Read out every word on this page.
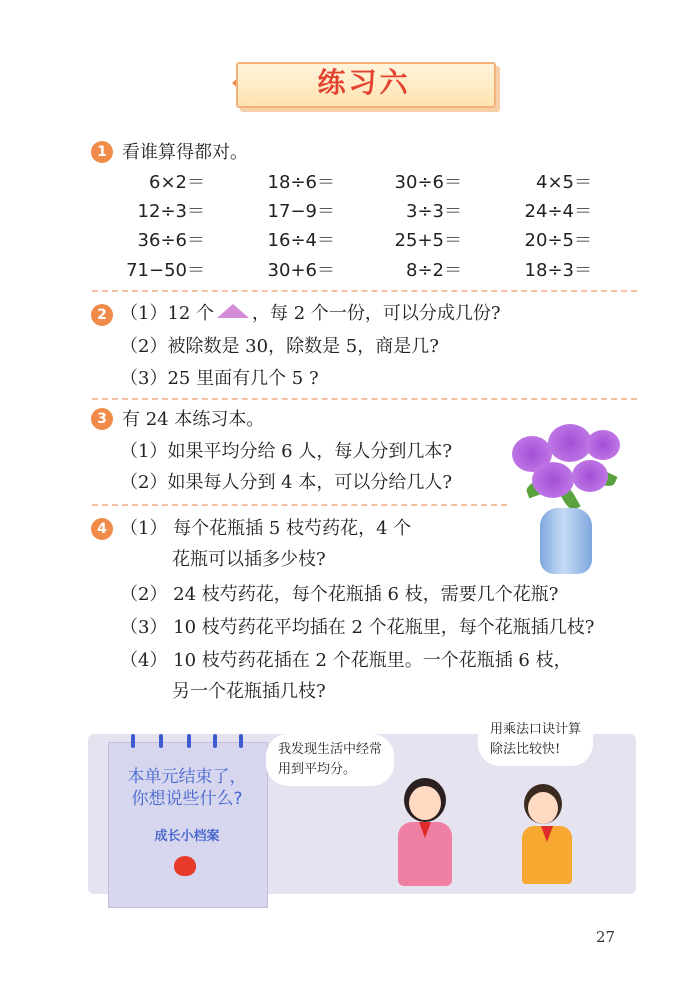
练习六
1 看谁算得都对。
6×2＝	18÷6＝	30÷6＝	4×5＝
12÷3＝	17−9＝	3÷3＝	24÷4＝
36÷6＝	16÷4＝	25+5＝	20÷5＝
71−50＝	30+6＝	8÷2＝	18÷3＝
2 （1）12 个 ，每 2 个一份，可以分成几份?
（2）被除数是 30，除数是 5，商是几?
（3）25 里面有几个 5 ?
3 有 24 本练习本。
（1）如果平均分给 6 人，每人分到几本?
（2）如果每人分到 4 本，可以分给几人?
4 （1） 每个花瓶插 5 枝芍药花，4 个
花瓶可以插多少枝?
（2） 24 枝芍药花，每个花瓶插 6 枝，需要几个花瓶?
（3） 10 枝芍药花平均插在 2 个花瓶里，每个花瓶插几枝?
（4） 10 枝芍药花插在 2 个花瓶里。一个花瓶插 6 枝，
另一个花瓶插几枝?
本单元结束了，
你想说些什么?
成长小档案
我发现生活中经常
用到平均分。
用乘法口诀计算
除法比较快!
27
